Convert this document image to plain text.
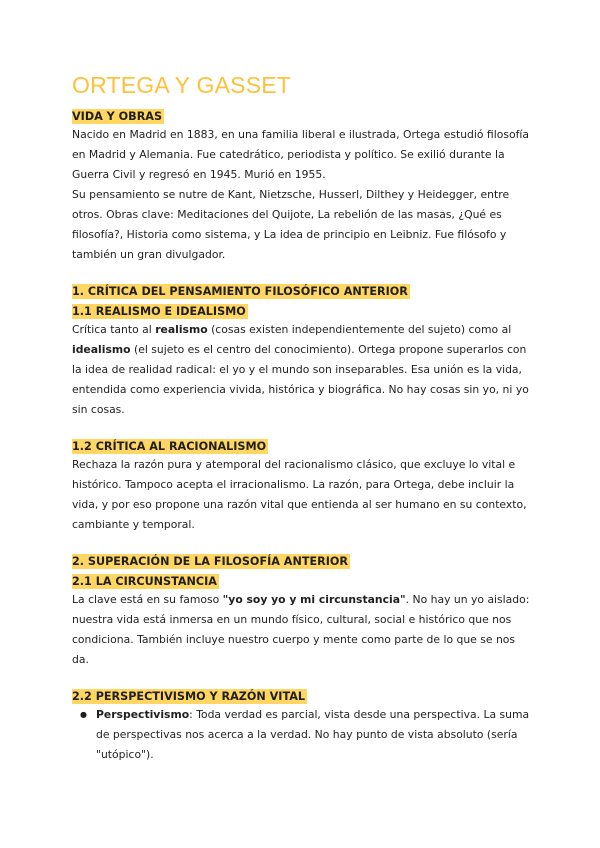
ORTEGA Y GASSET
VIDA Y OBRAS

Nacido en Madrid en 1883, en una familia liberal e ilustrada, Ortega estudió filosofía en Madrid y Alemania. Fue catedrático, periodista y político. Se exilió durante la Guerra Civil y regresó en 1945. Murió en 1955.

Su pensamiento se nutre de Kant, Nietzsche, Husserl, Dilthey y Heidegger, entre otros. Obras clave: Meditaciones del Quijote, La rebelión de las masas, ¿Qué es filosofía?, Historia como sistema, y La idea de principio en Leibniz. Fue filósofo y también un gran divulgador.

1. CRÍTICA DEL PENSAMIENTO FILOSÓFICO ANTERIOR
1.1 REALISMO E IDEALISMO

Crítica tanto al realismo (cosas existen independientemente del sujeto) como al idealismo (el sujeto es el centro del conocimiento). Ortega propone superarlos con la idea de realidad radical: el yo y el mundo son inseparables. Esa unión es la vida, entendida como experiencia vivida, histórica y biográfica. No hay cosas sin yo, ni yo sin cosas.

1.2 CRÍTICA AL RACIONALISMO

Rechaza la razón pura y atemporal del racionalismo clásico, que excluye lo vital e histórico. Tampoco acepta el irracionalismo. La razón, para Ortega, debe incluir la vida, y por eso propone una razón vital que entienda al ser humano en su contexto, cambiante y temporal.

2. SUPERACIÓN DE LA FILOSOFÍA ANTERIOR
2.1 LA CIRCUNSTANCIA

La clave está en su famoso "yo soy yo y mi circunstancia". No hay un yo aislado: nuestra vida está inmersa en un mundo físico, cultural, social e histórico que nos condiciona. También incluye nuestro cuerpo y mente como parte de lo que se nos da.

2.2 PERSPECTIVISMO Y RAZÓN VITAL
● Perspectivismo: Toda verdad es parcial, vista desde una perspectiva. La suma de perspectivas nos acerca a la verdad. No hay punto de vista absoluto (sería "utópico").
